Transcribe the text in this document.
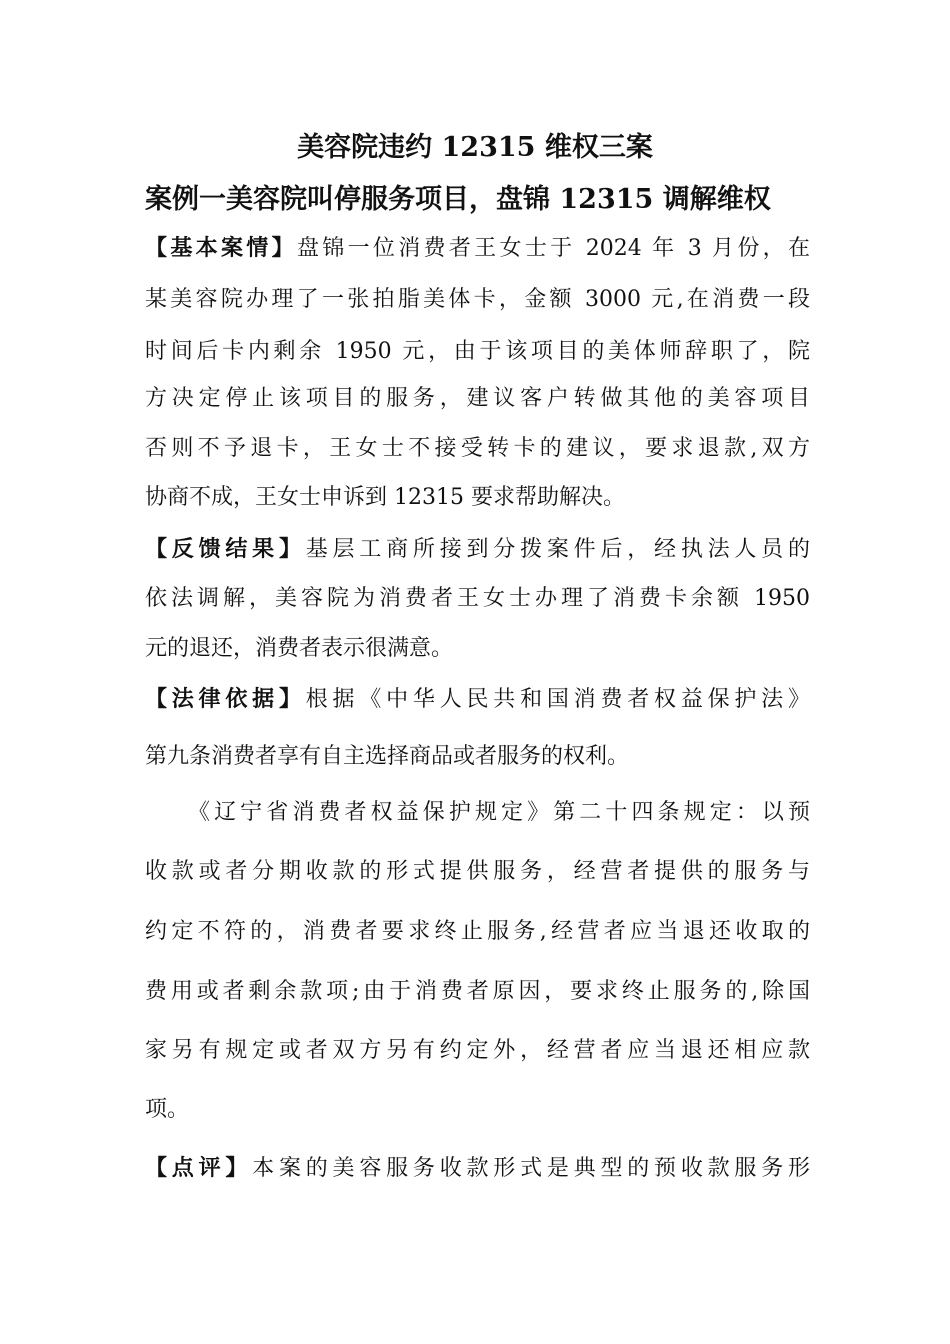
美容院违约 12315 维权三案
案例一美容院叫停服务项目，盘锦 12315 调解维权
【基本案情】盘锦一位消费者王女士于 2024 年 3 月份，在
某美容院办理了一张拍脂美体卡，金额 3000 元,在消费一段
时间后卡内剩余 1950 元，由于该项目的美体师辞职了，院
方决定停止该项目的服务，建议客户转做其他的美容项目
否则不予退卡，王女士不接受转卡的建议，要求退款,双方
协商不成，王女士申诉到 12315 要求帮助解决。
【反馈结果】基层工商所接到分拨案件后，经执法人员的
依法调解，美容院为消费者王女士办理了消费卡余额 1950
元的退还，消费者表示很满意。
【法律依据】根据《中华人民共和国消费者权益保护法》
第九条消费者享有自主选择商品或者服务的权利。
《辽宁省消费者权益保护规定》第二十四条规定：以预
收款或者分期收款的形式提供服务，经营者提供的服务与
约定不符的，消费者要求终止服务,经营者应当退还收取的
费用或者剩余款项;由于消费者原因，要求终止服务的,除国
家另有规定或者双方另有约定外，经营者应当退还相应款
项。
【点评】本案的美容服务收款形式是典型的预收款服务形
